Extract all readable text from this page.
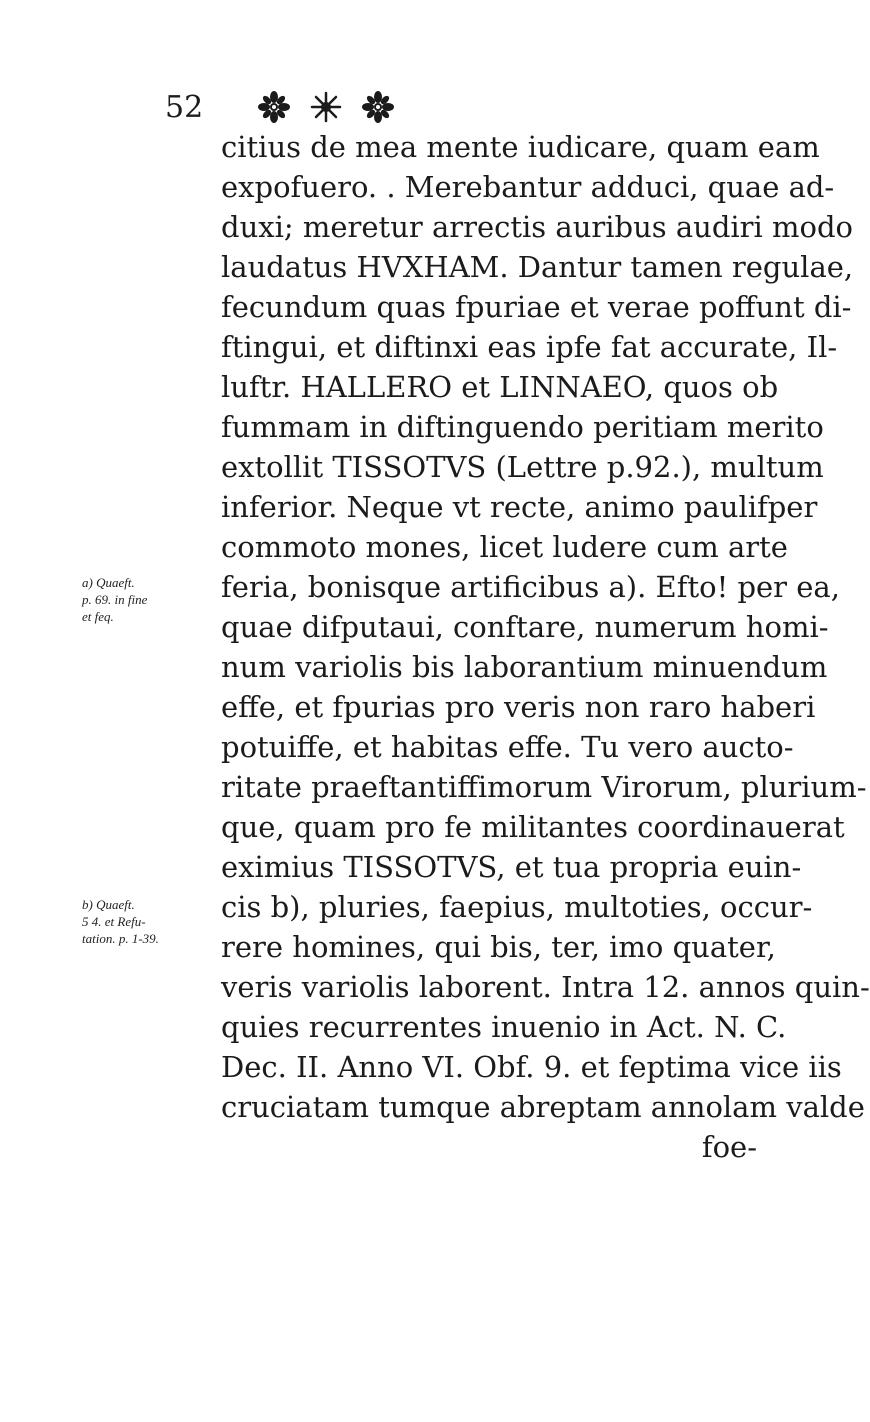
52
citius de mea mente iudicare, quam eam
expofuero. . Merebantur adduci, quae ad-
duxi; meretur arrectis auribus audiri modo
laudatus HVXHAM. Dantur tamen regulae,
fecundum quas fpuriae et verae poffunt di-
ftingui, et diftinxi eas ipfe fat accurate, Il-
luftr. HALLERO et LINNAEO, quos ob
fummam in diftinguendo peritiam merito
extollit TISSOTVS (Lettre p.92.), multum
inferior. Neque vt recte, animo paulifper
commoto mones, licet ludere cum arte
feria, bonisque artificibus a). Efto! per ea,
quae difputaui, conftare, numerum homi-
num variolis bis laborantium minuendum
effe, et fpurias pro veris non raro haberi
potuiffe, et habitas effe. Tu vero aucto-
ritate praeftantiffimorum Virorum, plurium-
que, quam pro fe militantes coordinauerat
eximius TISSOTVS, et tua propria euin-
cis b), pluries, faepius, multoties, occur-
rere homines, qui bis, ter, imo quater,
veris variolis laborent. Intra 12. annos quin-
quies recurrentes inuenio in Act. N. C.
Dec. II. Anno VI. Obf. 9. et feptima vice iis
cruciatam tumque abreptam annolam valde
foe-
a) Quaeft.
p. 69. in fine
et feq.
b) Quaeft.
5 4. et Refu-
tation. p. 1-39.
